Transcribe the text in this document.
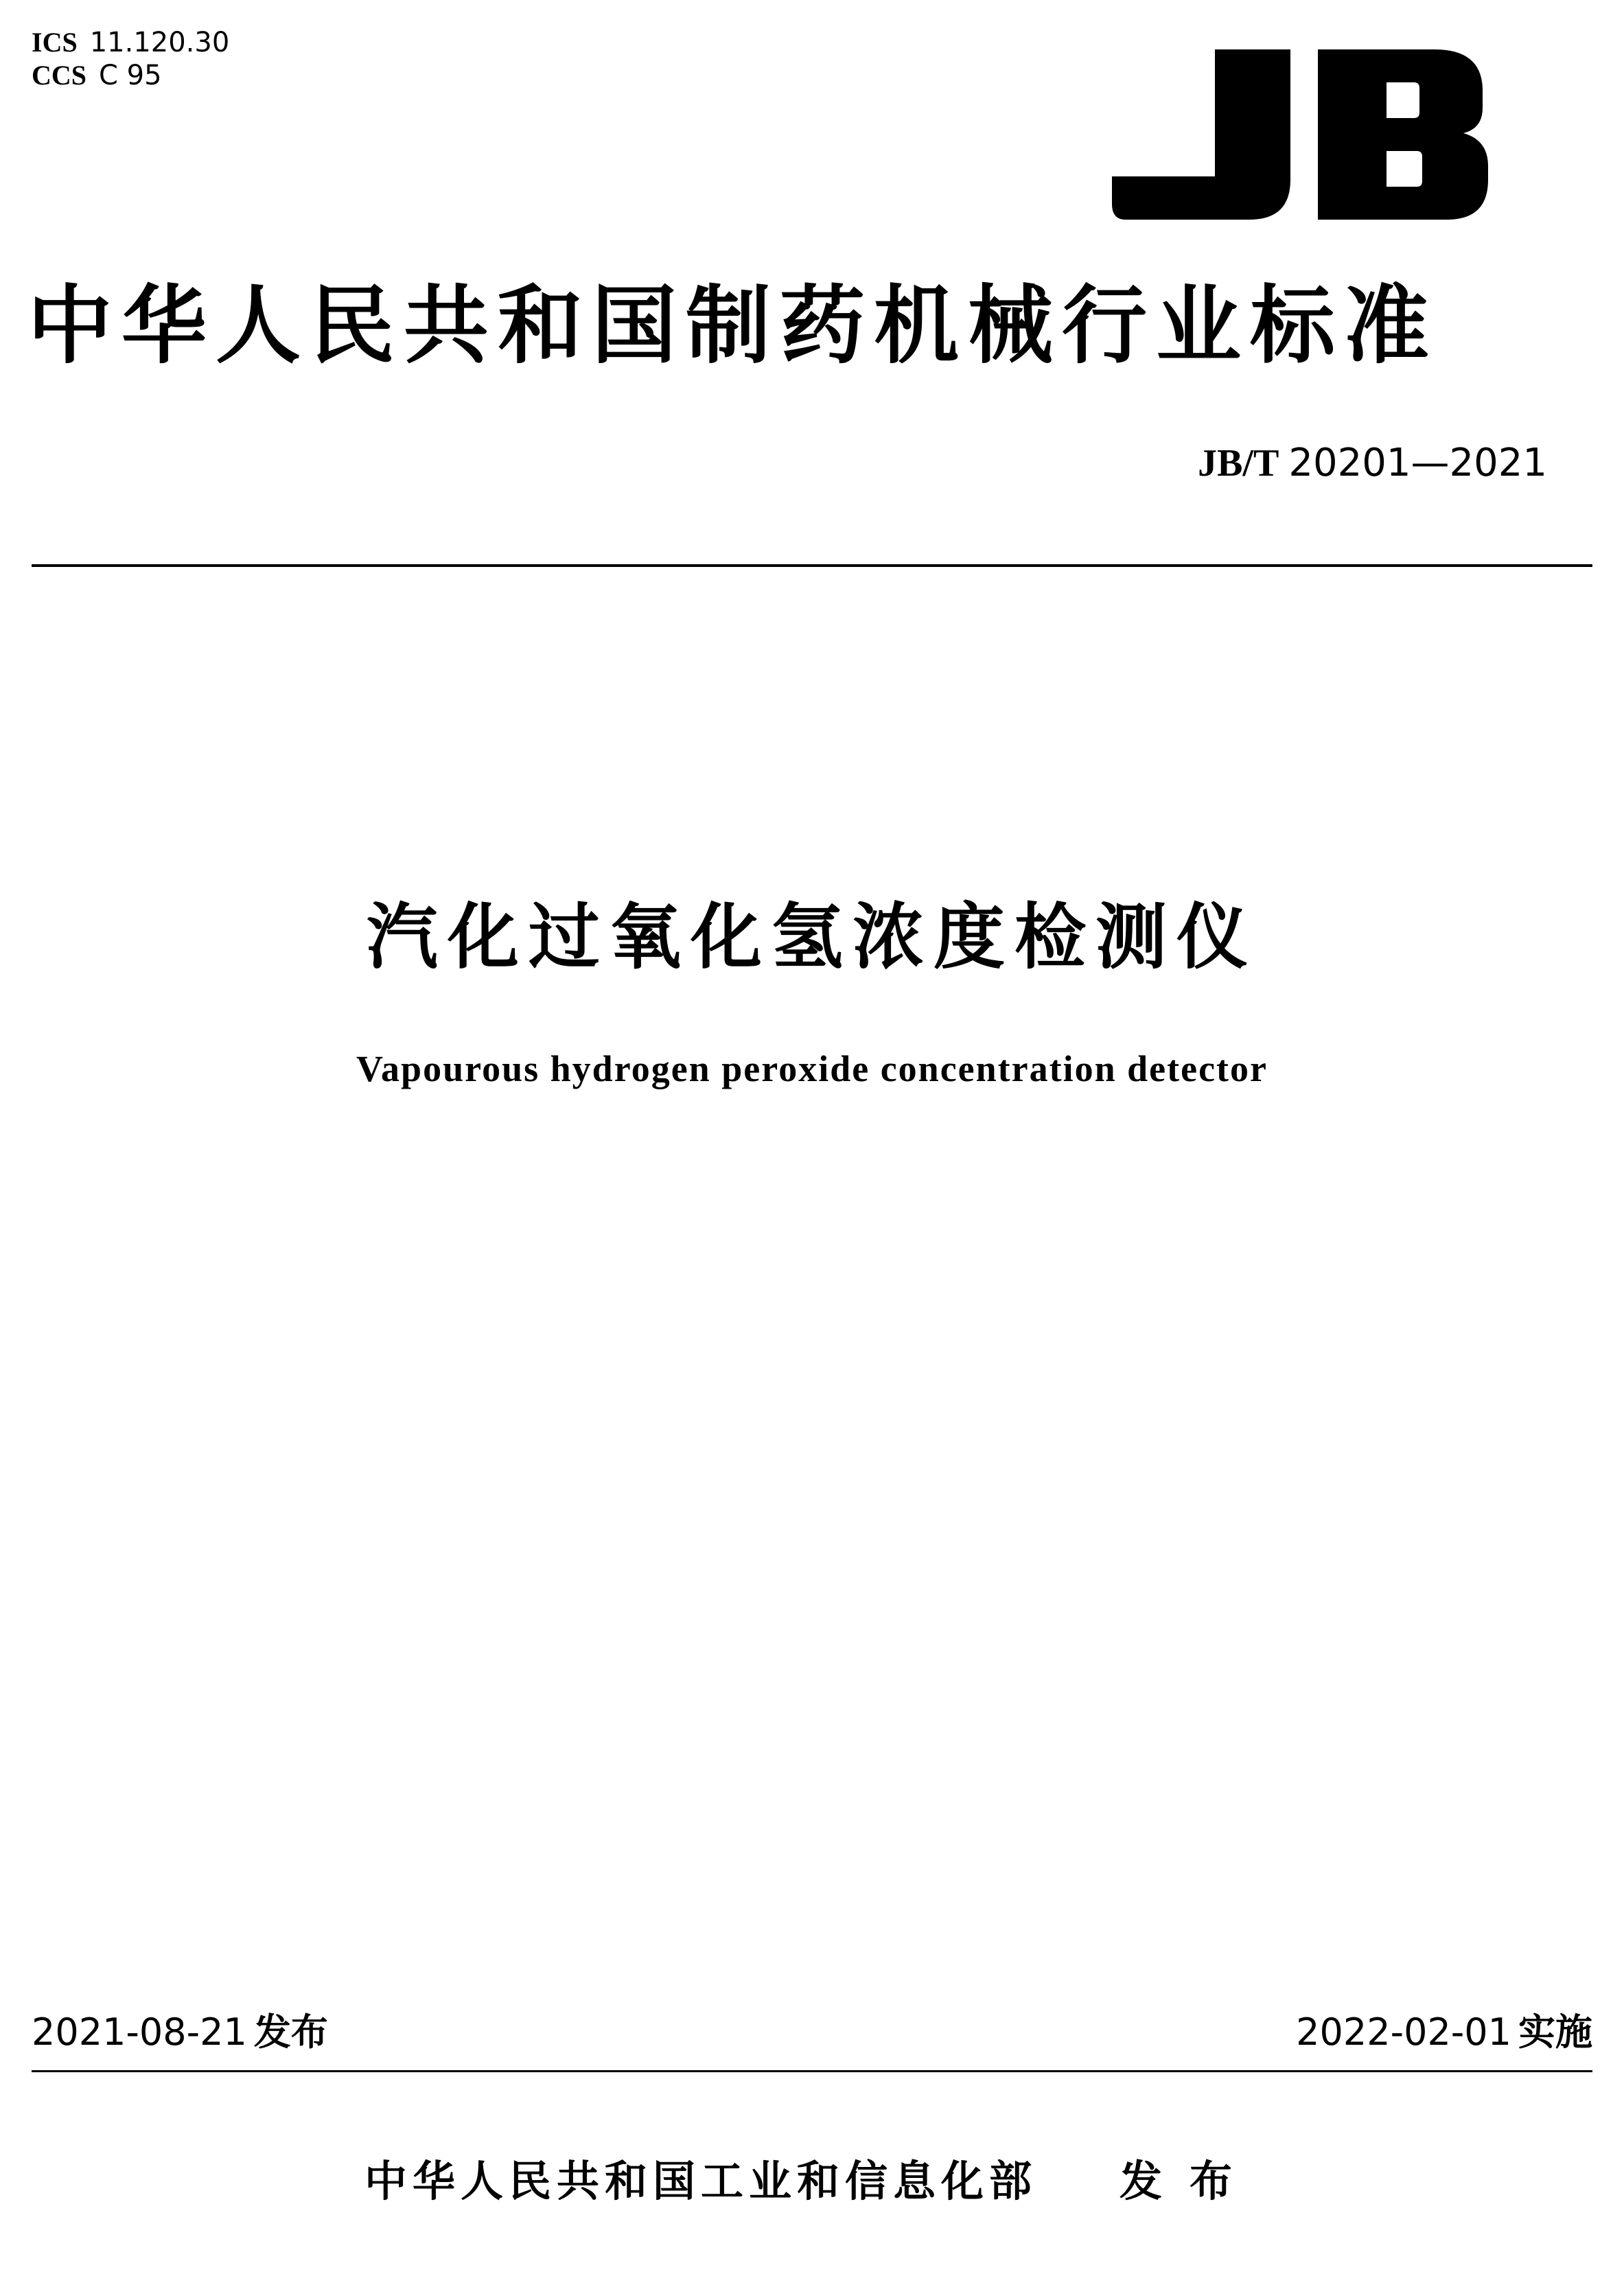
ICS 11.120.30
CCS C 95
中华人民共和国制药机械行业标准
JB/T 20201—2021
汽化过氧化氢浓度检测仪
Vapourous hydrogen peroxide concentration detector
2021-08-21 发布	2022-02-01 实施
中华人民共和国工业和信息化部 发布
